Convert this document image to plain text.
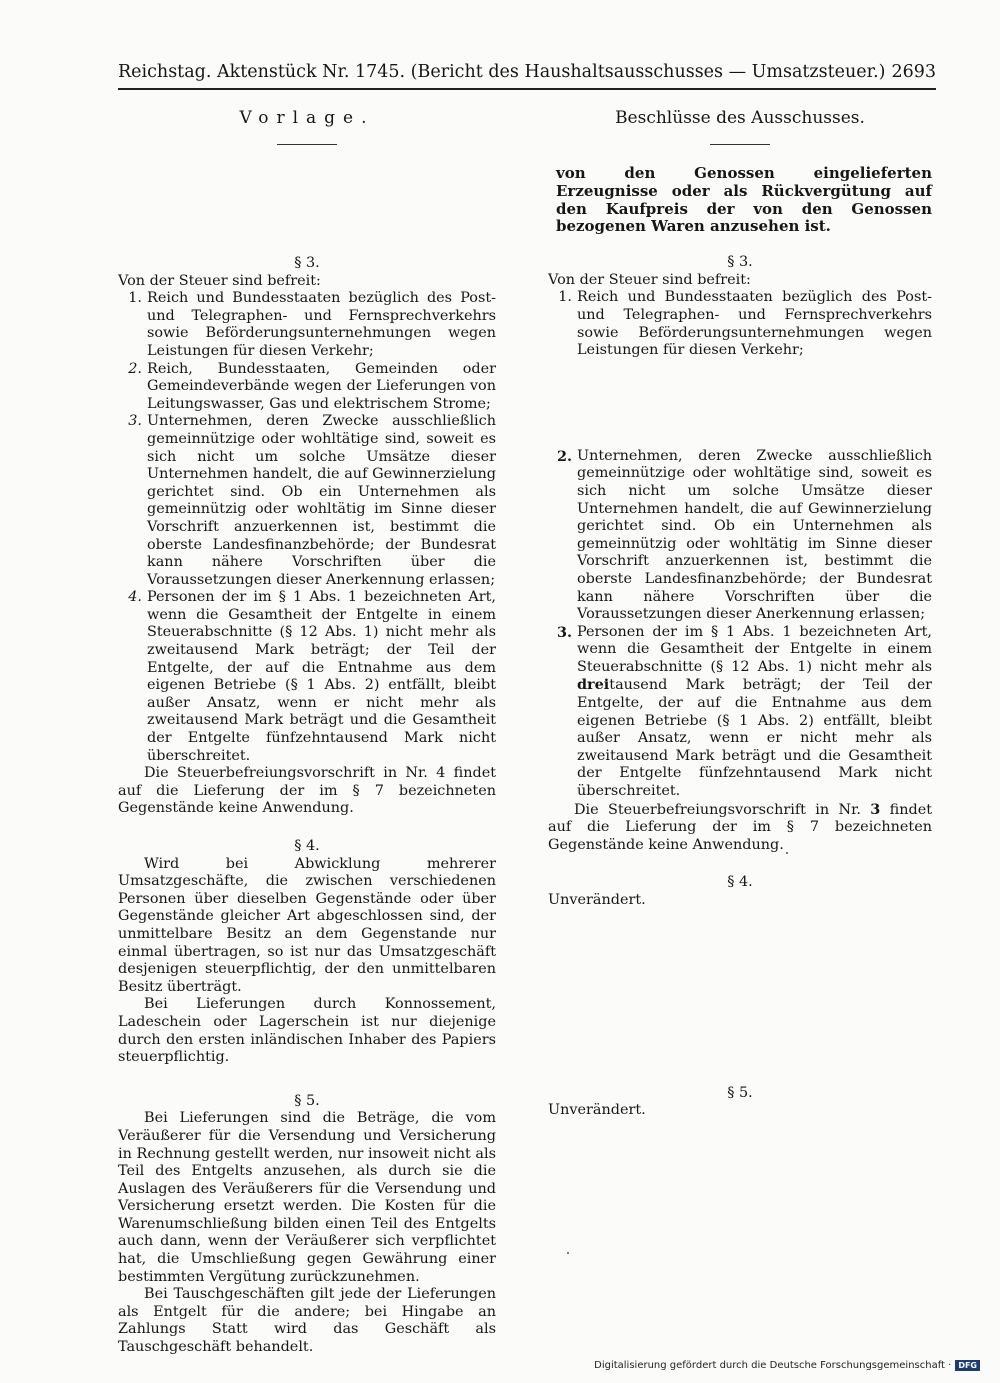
Reichstag. Aktenstück Nr. 1745. (Bericht des Haushaltsausschusses — Umsatzsteuer.) 2693
Vorlage.
§ 3.

Von der Steuer sind befreit:

1. Reich und Bundesstaaten bezüglich des Post- und Telegraphen- und Fernsprechverkehrs sowie Beförderungsunternehmungen wegen Leistungen für diesen Verkehr;
2. Reich, Bundesstaaten, Gemeinden oder Gemeindeverbände wegen der Lieferungen von Leitungswasser, Gas und elektrischem Strome;
3. Unternehmen, deren Zwecke ausschließlich gemeinnützige oder wohltätige sind, soweit es sich nicht um solche Umsätze dieser Unternehmen handelt, die auf Gewinnerzielung gerichtet sind. Ob ein Unternehmen als gemeinnützig oder wohltätig im Sinne dieser Vorschrift anzuerkennen ist, bestimmt die oberste Landesfinanzbehörde; der Bundesrat kann nähere Vorschriften über die Voraussetzungen dieser Anerkennung erlassen;
4. Personen der im § 1 Abs. 1 bezeichneten Art, wenn die Gesamtheit der Entgelte in einem Steuerabschnitte (§ 12 Abs. 1) nicht mehr als zweitausend Mark beträgt; der Teil der Entgelte, der auf die Entnahme aus dem eigenen Betriebe (§ 1 Abs. 2) entfällt, bleibt außer Ansatz, wenn er nicht mehr als zweitausend Mark beträgt und die Gesamtheit der Entgelte fünfzehntausend Mark nicht überschreitet.

Die Steuerbefreiungsvorschrift in Nr. 4 findet auf die Lieferung der im § 7 bezeichneten Gegenstände keine Anwendung.

§ 4.

Wird bei Abwicklung mehrerer Umsatzgeschäfte, die zwischen verschiedenen Personen über dieselben Gegenstände oder über Gegenstände gleicher Art abgeschlossen sind, der unmittelbare Besitz an dem Gegenstande nur einmal übertragen, so ist nur das Umsatzgeschäft desjenigen steuerpflichtig, der den unmittelbaren Besitz überträgt.

Bei Lieferungen durch Konnossement, Ladeschein oder Lagerschein ist nur diejenige durch den ersten inländischen Inhaber des Papiers steuerpflichtig.

§ 5.

Bei Lieferungen sind die Beträge, die vom Veräußerer für die Versendung und Versicherung in Rechnung gestellt werden, nur insoweit nicht als Teil des Entgelts anzusehen, als durch sie die Auslagen des Veräußerers für die Versendung und Versicherung ersetzt werden. Die Kosten für die Warenumschließung bilden einen Teil des Entgelts auch dann, wenn der Veräußerer sich verpflichtet hat, die Umschließung gegen Gewährung einer bestimmten Vergütung zurückzunehmen.

Bei Tauschgeschäften gilt jede der Lieferungen als Entgelt für die andere; bei Hingabe an Zahlungs Statt wird das Geschäft als Tauschgeschäft behandelt.

Beschlüsse des Ausschusses.

von den Genossen eingelieferten Erzeugnisse oder als Rückvergütung auf den Kaufpreis der von den Genossen bezogenen Waren anzusehen ist.

§ 3.

Von der Steuer sind befreit:

1. Reich und Bundesstaaten bezüglich des Post- und Telegraphen- und Fernsprechverkehrs sowie Beförderungsunternehmungen wegen Leistungen für diesen Verkehr;
2. Unternehmen, deren Zwecke ausschließlich gemeinnützige oder wohltätige sind, soweit es sich nicht um solche Umsätze dieser Unternehmen handelt, die auf Gewinnerzielung gerichtet sind. Ob ein Unternehmen als gemeinnützig oder wohltätig im Sinne dieser Vorschrift anzuerkennen ist, bestimmt die oberste Landesfinanzbehörde; der Bundesrat kann nähere Vorschriften über die Voraussetzungen dieser Anerkennung erlassen;
3. Personen der im § 1 Abs. 1 bezeichneten Art, wenn die Gesamtheit der Entgelte in einem Steuerabschnitte (§ 12 Abs. 1) nicht mehr als dreitausend Mark beträgt; der Teil der Entgelte, der auf die Entnahme aus dem eigenen Betriebe (§ 1 Abs. 2) entfällt, bleibt außer Ansatz, wenn er nicht mehr als zweitausend Mark beträgt und die Gesamtheit der Entgelte fünfzehntausend Mark nicht überschreitet.

Die Steuerbefreiungsvorschrift in Nr. 3 findet auf die Lieferung der im § 7 bezeichneten Gegenstände keine Anwendung.

§ 4.

Unverändert.

§ 5.

Unverändert.

Digitalisierung gefördert durch die Deutsche Forschungsgemeinschaft · DFG
